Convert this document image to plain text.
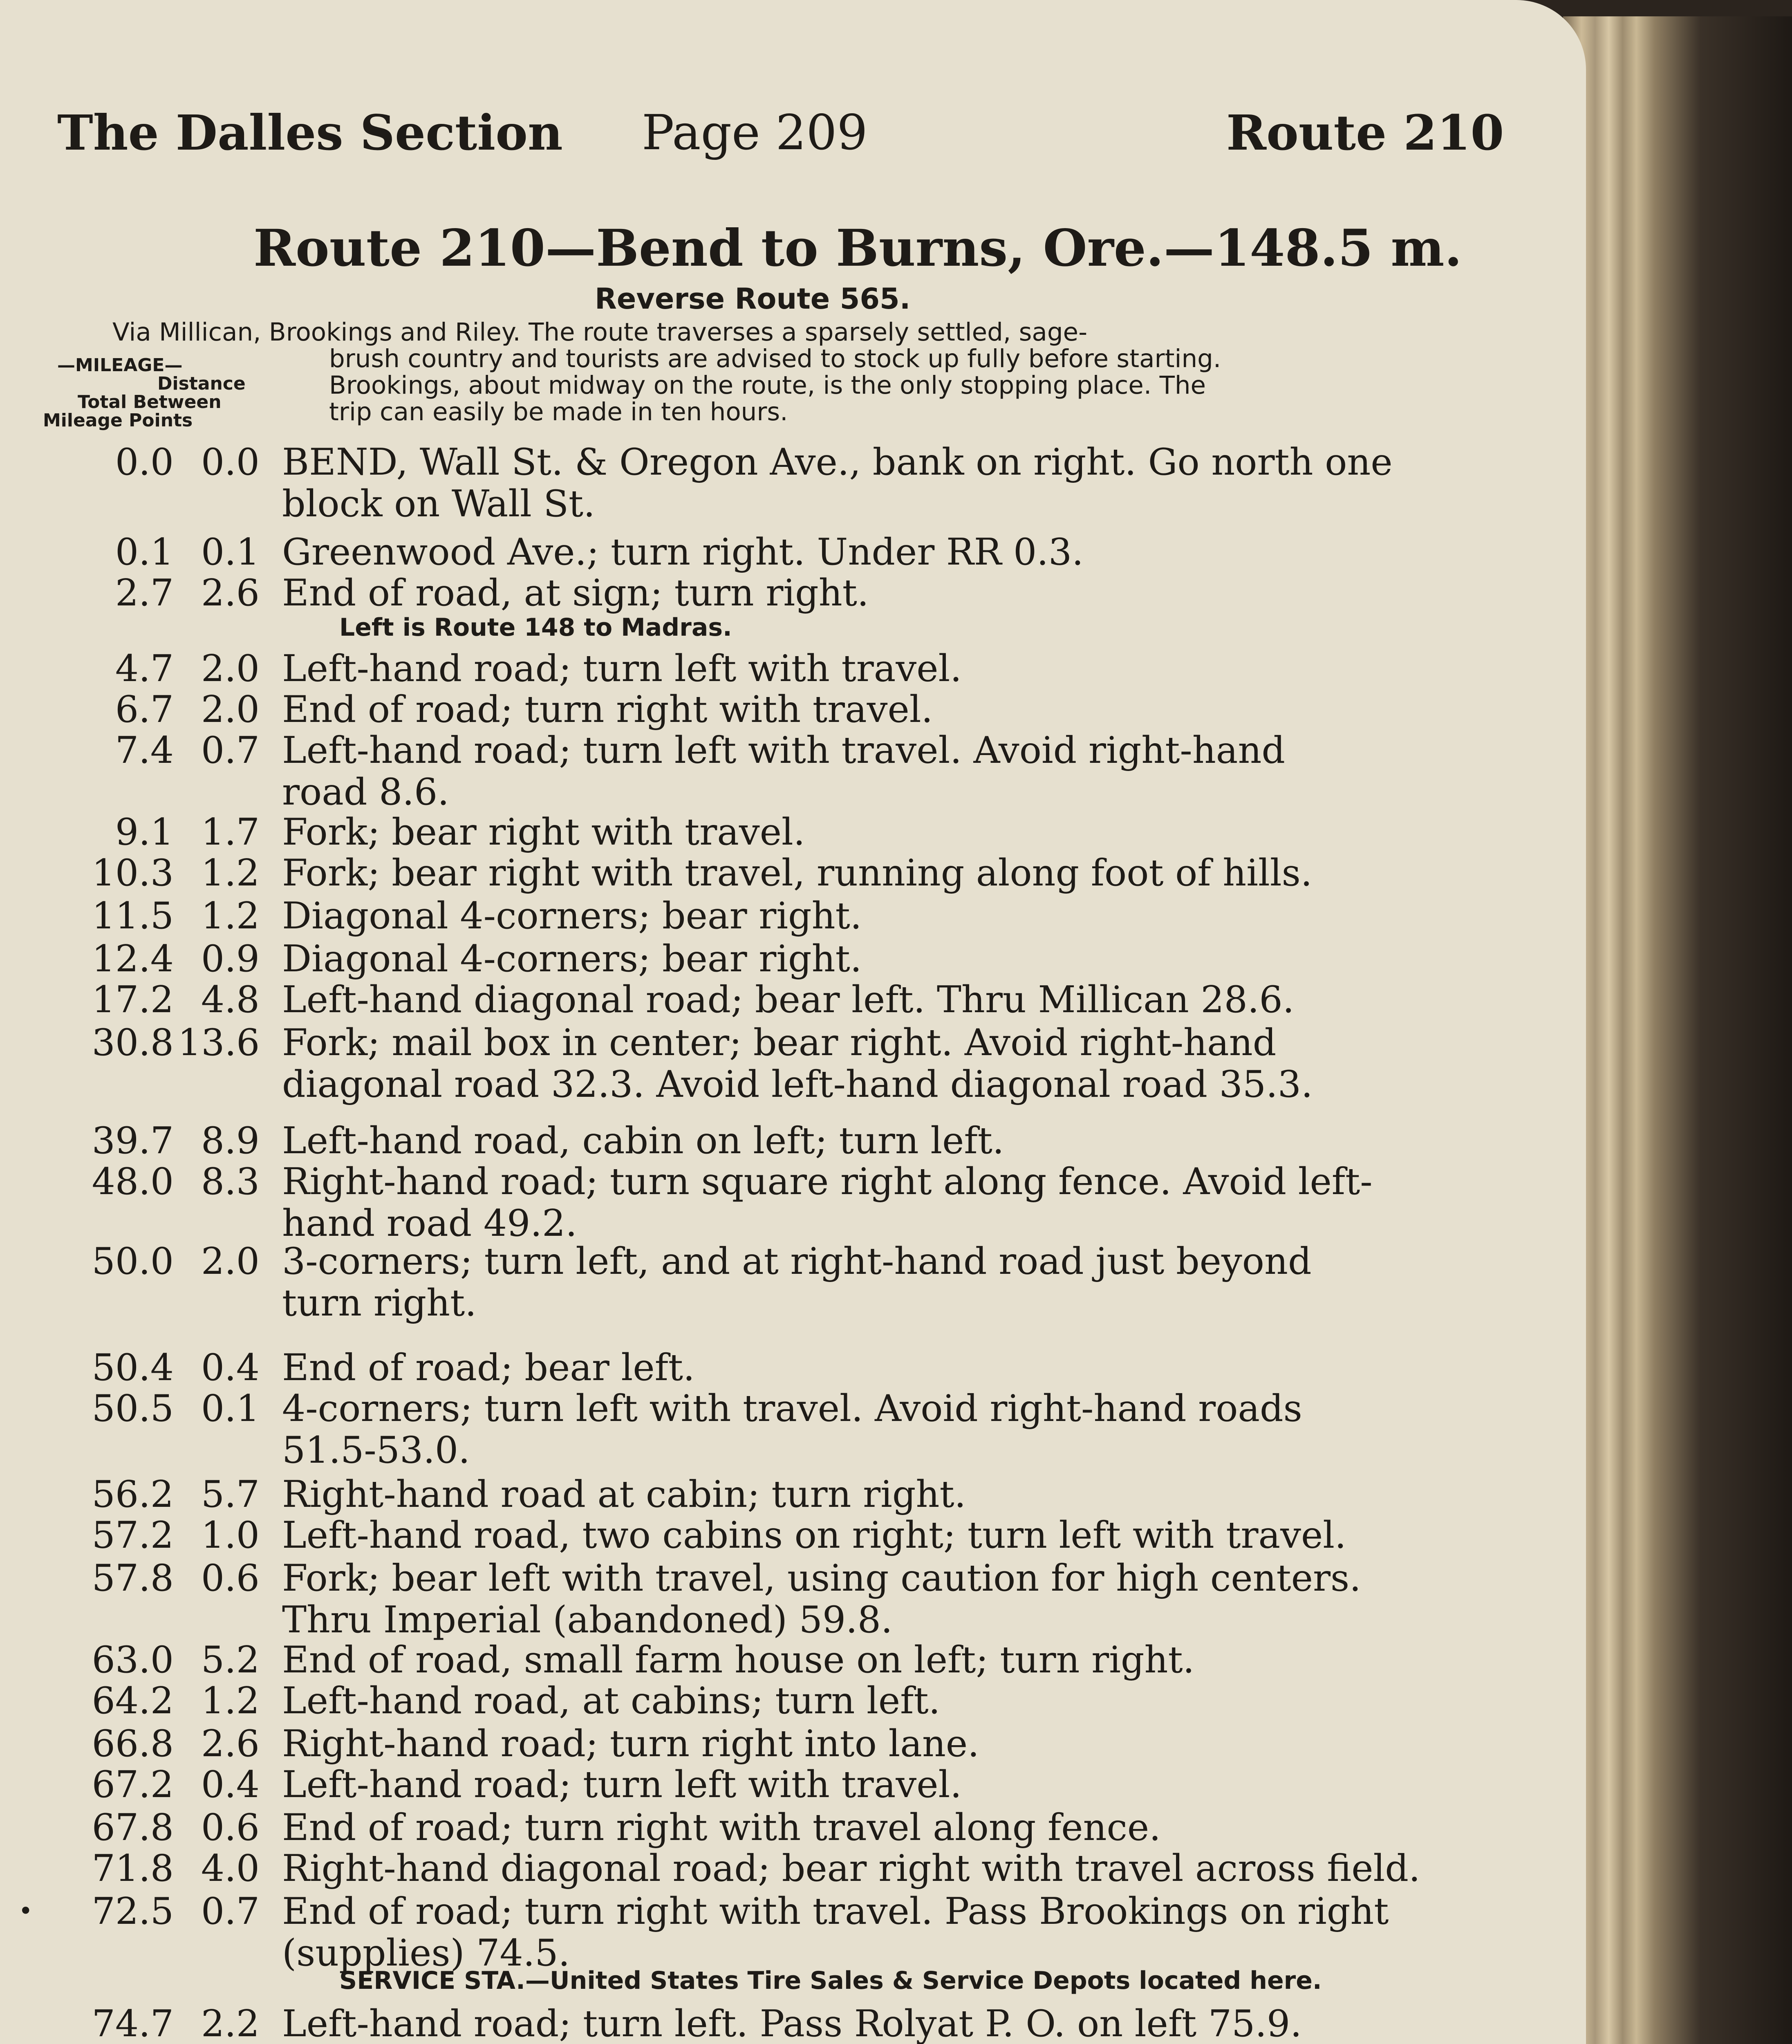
The Dalles Section Page 209	Route 210
Route 210—Bend to Burns, Ore.—148.5 m.
Reverse Route 565.
Via Millican, Brookings and Riley. The route traverses a sparsely settled, sage-
brush country and tourists are advised to stock up fully before starting.
Brookings, about midway on the route, is the only stopping place. The
trip can easily be made in ten hours.
—MILEAGE—
Distance
Total Between
Mileage Points
0.0 0.0 BEND, Wall St. & Oregon Ave., bank on right. Go north one
block on Wall St.
0.1 0.1 Greenwood Ave.; turn right. Under RR 0.3.
2.7 2.6 End of road, at sign; turn right.
4.7 2.0 Left-hand road; turn left with travel.
6.7 2.0 End of road; turn right with travel.
7.4 0.7 Left-hand road; turn left with travel. Avoid right-hand
road 8.6.
9.1 1.7 Fork; bear right with travel.
10.3 1.2 Fork; bear right with travel, running along foot of hills.
11.5 1.2 Diagonal 4-corners; bear right.
12.4 0.9 Diagonal 4-corners; bear right.
17.2 4.8 Left-hand diagonal road; bear left. Thru Millican 28.6.
30.8 13.6 Fork; mail box in center; bear right. Avoid right-hand
diagonal road 32.3. Avoid left-hand diagonal road 35.3.
39.7 8.9 Left-hand road, cabin on left; turn left.
48.0 8.3 Right-hand road; turn square right along fence. Avoid left-
hand road 49.2.
50.0 2.0 3-corners; turn left, and at right-hand road just beyond
turn right.
50.4 0.4 End of road; bear left.
50.5 0.1 4-corners; turn left with travel. Avoid right-hand roads
51.5-53.0.
56.2 5.7 Right-hand road at cabin; turn right.
57.2 1.0 Left-hand road, two cabins on right; turn left with travel.
57.8 0.6 Fork; bear left with travel, using caution for high centers.
Thru Imperial (abandoned) 59.8.
63.0 5.2 End of road, small farm house on left; turn right.
64.2 1.2 Left-hand road, at cabins; turn left.
66.8 2.6 Right-hand road; turn right into lane.
67.2 0.4 Left-hand road; turn left with travel.
67.8 0.6 End of road; turn right with travel along fence.
71.8 4.0 Right-hand diagonal road; bear right with travel across field.
72.5 0.7 End of road; turn right with travel. Pass Brookings on right
(supplies) 74.5.
74.7 2.2 Left-hand road; turn left. Pass Rolyat P. O. on left 75.9.
Left is Route 148 to Madras.
SERVICE STA.—United States Tire Sales & Service Depots located here.
•
